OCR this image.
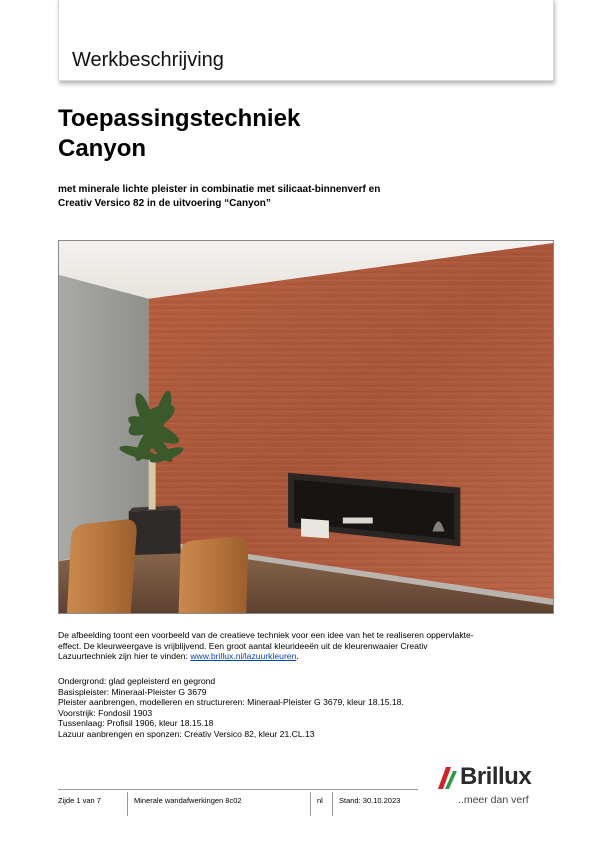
Werkbeschrijving
Toepassingstechniek
Canyon

met minerale lichte pleister in combinatie met silicaat-binnenverf en
Creativ Versico 82 in de uitvoering “Canyon”

De afbeelding toont een voorbeeld van de creatieve techniek voor een idee van het te realiseren oppervlakte-
effect. De kleurweergave is vrijblijvend. Een groot aantal kleurideeën uit de kleurenwaaier Creativ
Lazuurtechniek zijn hier te vinden: www.brillux.nl/lazuurkleuren.

Ondergrond: glad gepleisterd en gegrond
Basispleister: Mineraal-Pleister G 3679
Pleister aanbrengen, modelleren en structureren: Mineraal-Pleister G 3679, kleur 18.15.18.
Voorstrijk: Fondosil 1903
Tussenlaag: Profisil 1906, kleur 18.15.18
Lazuur aanbrengen en sponzen: Creativ Versico 82, kleur 21.CL.13
Zijde 1 van 7	Minerale wandafwerkingen 8c02	nl Stand: 30.10.2023
Brillux
..meer dan verf
